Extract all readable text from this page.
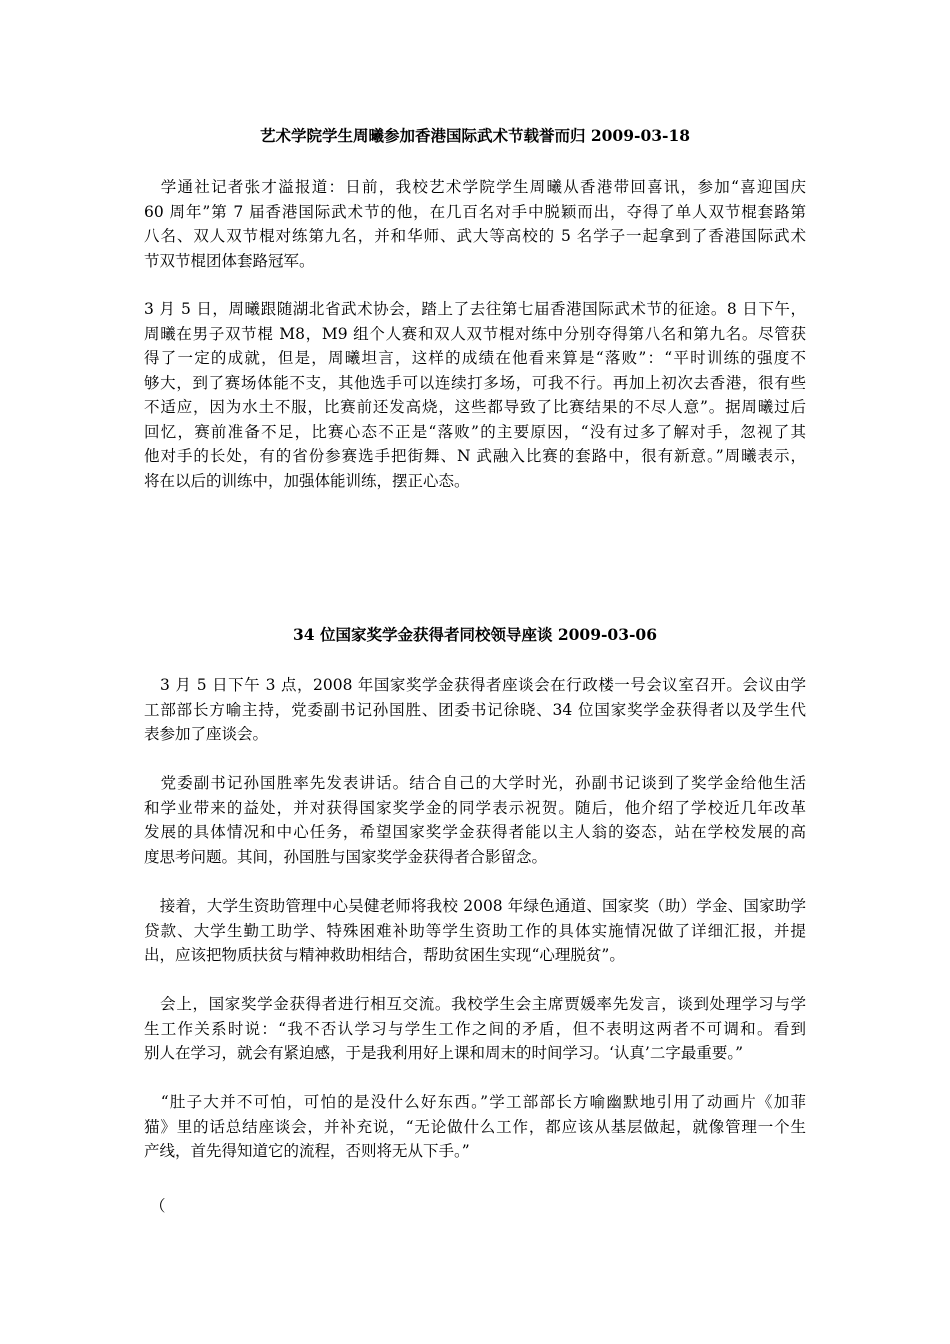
艺术学院学生周曦参加香港国际武术节载誉而归 2009-03-18
　学通社记者张才溢报道：日前，我校艺术学院学生周曦从香港带回喜讯，参加“喜迎国庆
60 周年”第 7 届香港国际武术节的他，在几百名对手中脱颖而出，夺得了单人双节棍套路第
八名、双人双节棍对练第九名，并和华师、武大等高校的 5 名学子一起拿到了香港国际武术
节双节棍团体套路冠军。
3 月 5 日，周曦跟随湖北省武术协会，踏上了去往第七届香港国际武术节的征途。8 日下午，
周曦在男子双节棍 M8，M9 组个人赛和双人双节棍对练中分别夺得第八名和第九名。尽管获
得了一定的成就，但是，周曦坦言，这样的成绩在他看来算是“落败”：“平时训练的强度不
够大，到了赛场体能不支，其他选手可以连续打多场，可我不行。再加上初次去香港，很有些
不适应，因为水土不服，比赛前还发高烧，这些都导致了比赛结果的不尽人意”。据周曦过后
回忆，赛前准备不足，比赛心态不正是“落败”的主要原因，“没有过多了解对手，忽视了其
他对手的长处，有的省份参赛选手把街舞、N 武融入比赛的套路中，很有新意。”周曦表示，
将在以后的训练中，加强体能训练，摆正心态。
34 位国家奖学金获得者同校领导座谈 2009-03-06
　3 月 5 日下午 3 点，2008 年国家奖学金获得者座谈会在行政楼一号会议室召开。会议由学
工部部长方喻主持，党委副书记孙国胜、团委书记徐晓、34 位国家奖学金获得者以及学生代
表参加了座谈会。
　党委副书记孙国胜率先发表讲话。结合自己的大学时光，孙副书记谈到了奖学金给他生活
和学业带来的益处，并对获得国家奖学金的同学表示祝贺。随后，他介绍了学校近几年改革
发展的具体情况和中心任务，希望国家奖学金获得者能以主人翁的姿态，站在学校发展的高
度思考问题。其间，孙国胜与国家奖学金获得者合影留念。
　接着，大学生资助管理中心吴健老师将我校 2008 年绿色通道、国家奖（助）学金、国家助学
贷款、大学生勤工助学、特殊困难补助等学生资助工作的具体实施情况做了详细汇报，并提
出，应该把物质扶贫与精神救助相结合，帮助贫困生实现“心理脱贫”。
　会上，国家奖学金获得者进行相互交流。我校学生会主席贾媛率先发言，谈到处理学习与学
生工作关系时说：“我不否认学习与学生工作之间的矛盾，但不表明这两者不可调和。看到
别人在学习，就会有紧迫感，于是我利用好上课和周末的时间学习。‘认真’二字最重要。”
　“肚子大并不可怕，可怕的是没什么好东西。”学工部部长方喻幽默地引用了动画片《加菲
猫》里的话总结座谈会，并补充说，“无论做什么工作，都应该从基层做起，就像管理一个生
产线，首先得知道它的流程，否则将无从下手。”
（
